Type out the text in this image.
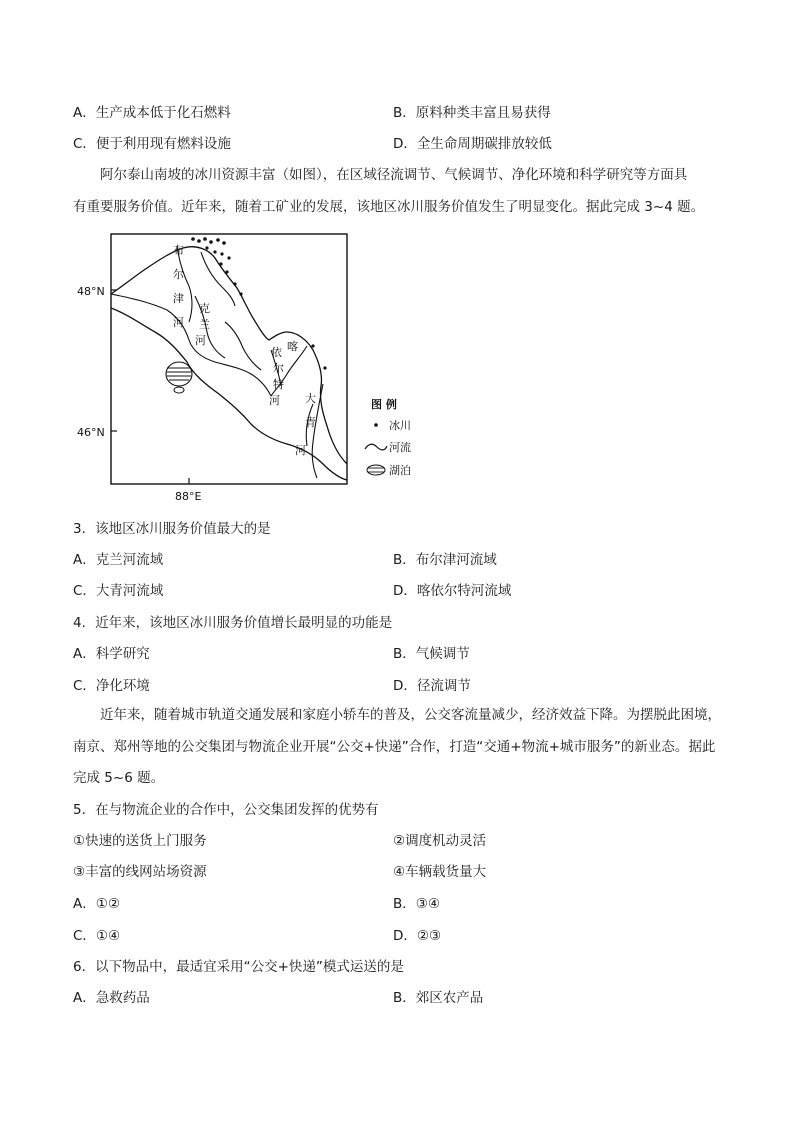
A．生产成本低于化石燃料	B．原料种类丰富且易获得
C．便于利用现有燃料设施	D．全生命周期碳排放较低
阿尔泰山南坡的冰川资源丰富（如图），在区域径流调节、气候调节、净化环境和科学研究等方面具
有重要服务价值。近年来，随着工矿业的发展，该地区冰川服务价值发生了明显变化。据此完成 3~4 题。
48°N
46°N
88°E
布
尔
津
河
克
兰
河	喀
依
尔
特
河 大
青
河
图 例
冰川
河流
湖泊
3．该地区冰川服务价值最大的是
A．克兰河流域	B．布尔津河流域
C．大青河流域	D．喀依尔特河流域
4．近年来，该地区冰川服务价值增长最明显的功能是
A．科学研究	B．气候调节
C．净化环境	D．径流调节
近年来，随着城市轨道交通发展和家庭小轿车的普及，公交客流量减少，经济效益下降。为摆脱此困境，南京、郑州等地的公交集团与物流企业开展“公交+快递”合作，打造“交通+物流+城市服务”的新业态。据此完成 5~6 题。
5．在与物流企业的合作中，公交集团发挥的优势有
①快速的送货上门服务	②调度机动灵活
③丰富的线网站场资源	④车辆载货量大
A．①②	B．③④
C．①④	D．②③
6．以下物品中，最适宜采用“公交+快递”模式运送的是
A．急救药品	B．郊区农产品
